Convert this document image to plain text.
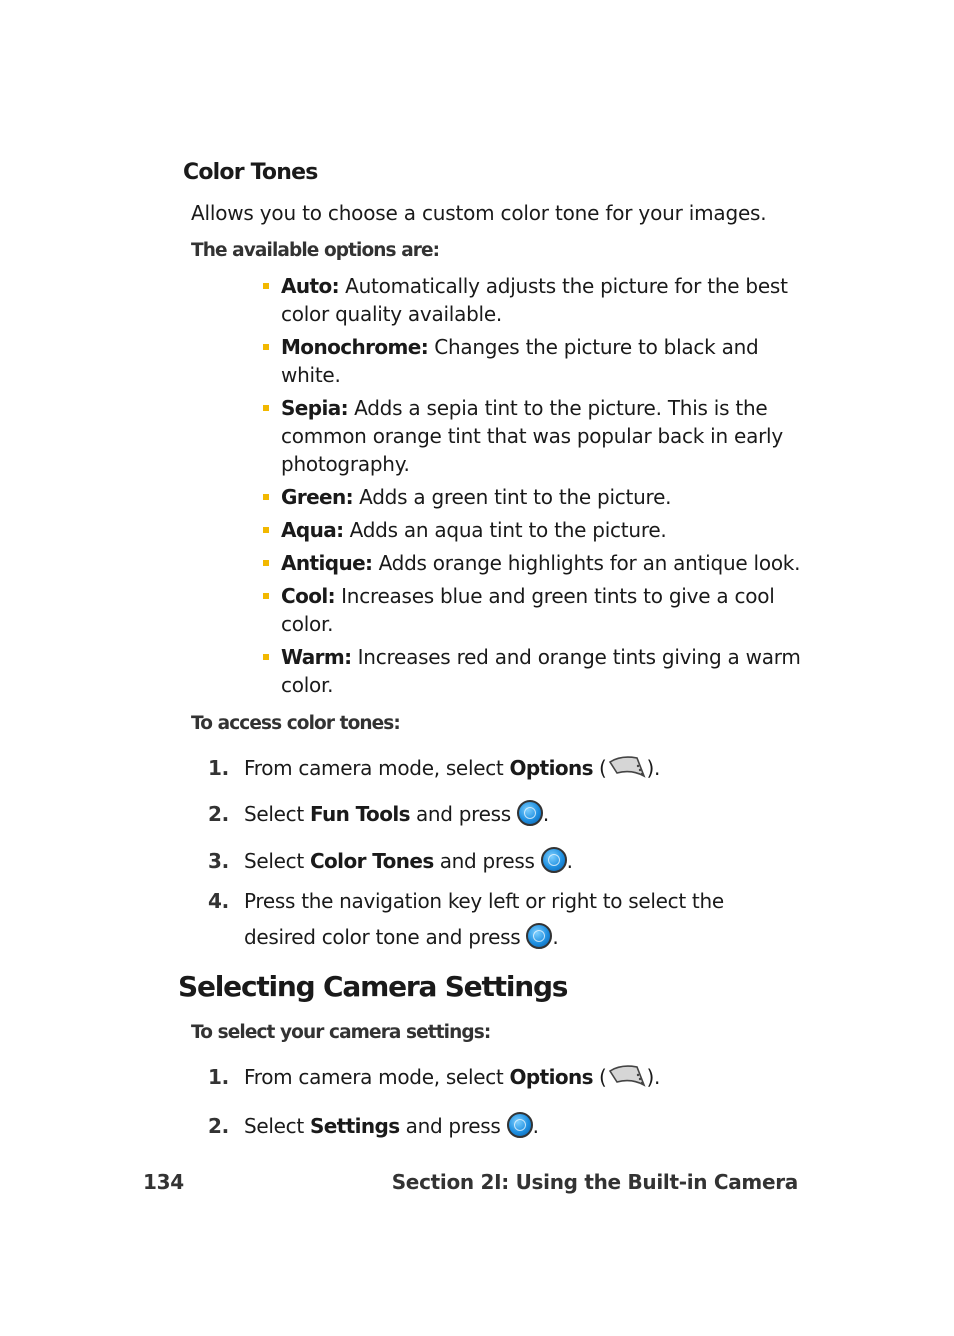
Color Tones
Allows you to choose a custom color tone for your images.
The available options are:
Auto: Automatically adjusts the picture for the best color quality available.
Monochrome: Changes the picture to black and white.
Sepia: Adds a sepia tint to the picture. This is the common orange tint that was popular back in early photography.
Green: Adds a green tint to the picture.
Aqua: Adds an aqua tint to the picture.
Antique: Adds orange highlights for an antique look.
Cool: Increases blue and green tints to give a cool color.
Warm: Increases red and orange tints giving a warm color.
To access color tones:
1. From camera mode, select Options ( ).
2. Select Fun Tools and press .
3. Select Color Tones and press .
4. Press the navigation key left or right to select the
desired color tone and press .
Selecting Camera Settings
To select your camera settings:
1. From camera mode, select Options ( ).
2. Select Settings and press .
134	Section 2I: Using the Built-in Camera
